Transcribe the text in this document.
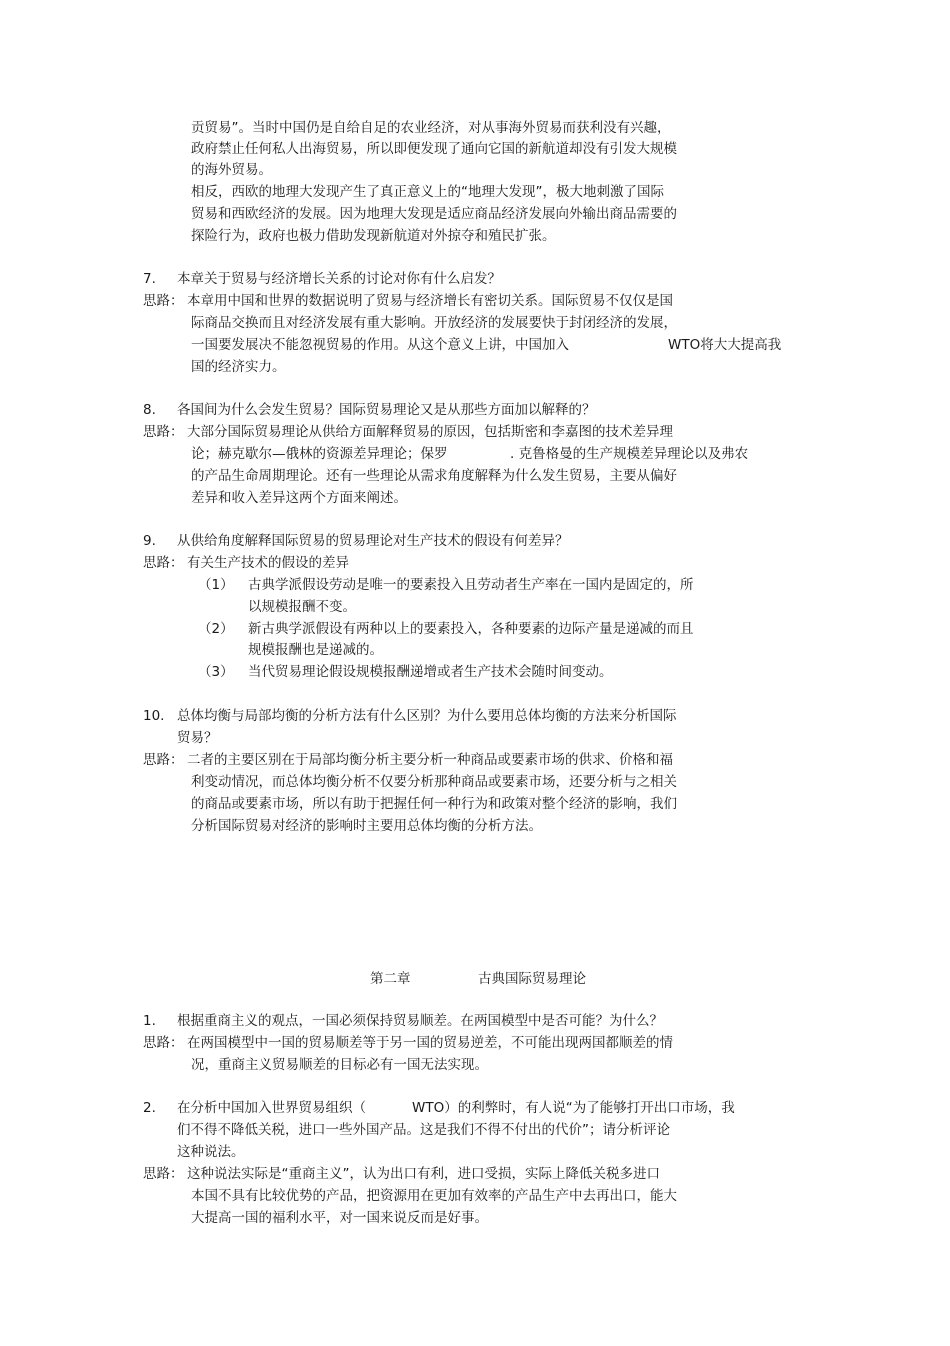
贡贸易”。当时中国仍是自给自足的农业经济，对从事海外贸易而获利没有兴趣，
政府禁止任何私人出海贸易，所以即便发现了通向它国的新航道却没有引发大规模
的海外贸易。
相反，西欧的地理大发现产生了真正意义上的“地理大发现”，极大地刺激了国际
贸易和西欧经济的发展。因为地理大发现是适应商品经济发展向外输出商品需要的
探险行为，政府也极力借助发现新航道对外掠夺和殖民扩张。
7. 本章关于贸易与经济增长关系的讨论对你有什么启发？
思路： 本章用中国和世界的数据说明了贸易与经济增长有密切关系。国际贸易不仅仅是国
际商品交换而且对经济发展有重大影响。开放经济的发展要快于封闭经济的发展，
一国要发展决不能忽视贸易的作用。从这个意义上讲，中国加入	WTO将大大提高我
国的经济实力。
8. 各国间为什么会发生贸易？国际贸易理论又是从那些方面加以解释的？
思路： 大部分国际贸易理论从供给方面解释贸易的原因，包括斯密和李嘉图的技术差异理
论；赫克歇尔—俄林的资源差异理论；保罗	. 克鲁格曼的生产规模差异理论以及弗农
的产品生命周期理论。还有一些理论从需求角度解释为什么发生贸易，主要从偏好
差异和收入差异这两个方面来阐述。
9. 从供给角度解释国际贸易的贸易理论对生产技术的假设有何差异？
思路： 有关生产技术的假设的差异
（1） 古典学派假设劳动是唯一的要素投入且劳动者生产率在一国内是固定的，所
以规模报酬不变。
（2） 新古典学派假设有两种以上的要素投入，各种要素的边际产量是递减的而且
规模报酬也是递减的。
（3） 当代贸易理论假设规模报酬递增或者生产技术会随时间变动。
10. 总体均衡与局部均衡的分析方法有什么区别？为什么要用总体均衡的方法来分析国际
贸易？
思路： 二者的主要区别在于局部均衡分析主要分析一种商品或要素市场的供求、价格和福
利变动情况，而总体均衡分析不仅要分析那种商品或要素市场，还要分析与之相关
的商品或要素市场，所以有助于把握任何一种行为和政策对整个经济的影响，我们
分析国际贸易对经济的影响时主要用总体均衡的分析方法。
第二章	古典国际贸易理论
1. 根据重商主义的观点，一国必须保持贸易顺差。在两国模型中是否可能？为什么？
思路： 在两国模型中一国的贸易顺差等于另一国的贸易逆差，不可能出现两国都顺差的情
况，重商主义贸易顺差的目标必有一国无法实现。
2. 在分析中国加入世界贸易组织（	WTO）的利弊时，有人说“为了能够打开出口市场，我
们不得不降低关税，进口一些外国产品。这是我们不得不付出的代价”；请分析评论
这种说法。
思路： 这种说法实际是“重商主义”，认为出口有利，进口受损，实际上降低关税多进口
本国不具有比较优势的产品，把资源用在更加有效率的产品生产中去再出口，能大
大提高一国的福利水平，对一国来说反而是好事。
